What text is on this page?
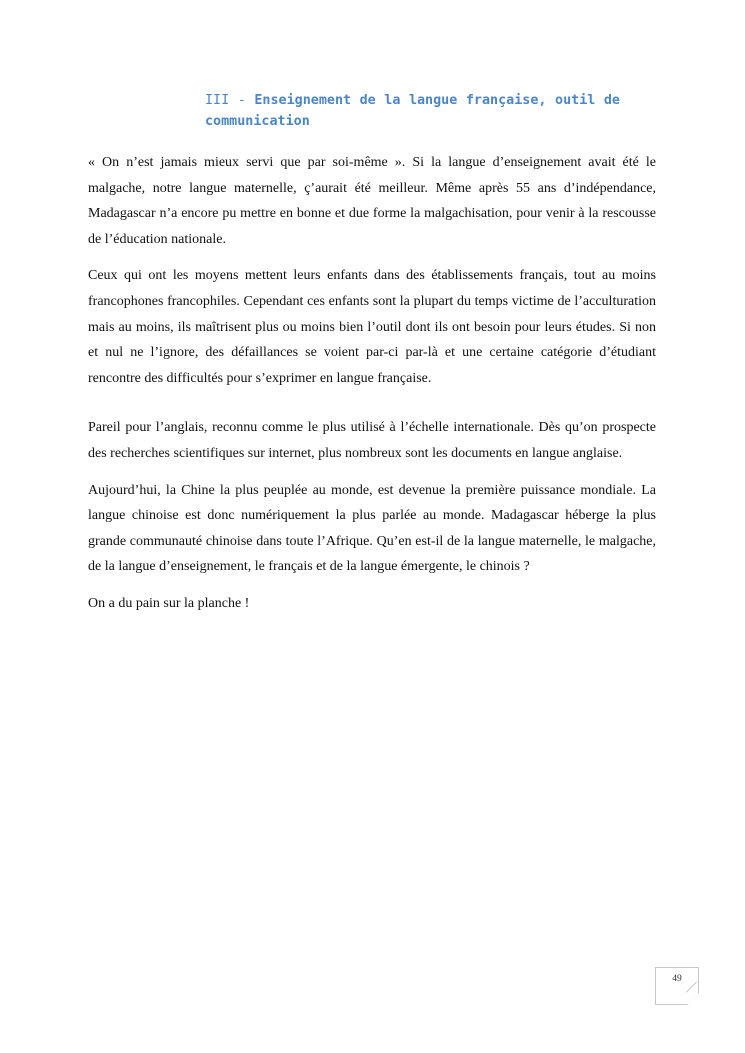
III - Enseignement de la langue française, outil de communication

« On n’est jamais mieux servi que par soi-même ». Si la langue d’enseignement avait été le malgache, notre langue maternelle, ç’aurait été meilleur. Même après 55 ans d’indépendance, Madagascar n’a encore pu mettre en bonne et due forme la malgachisation, pour venir à la rescousse de l’éducation nationale.

Ceux qui ont les moyens mettent leurs enfants dans des établissements français, tout au moins francophones francophiles. Cependant ces enfants sont la plupart du temps victime de l’acculturation mais au moins, ils maîtrisent plus ou moins bien l’outil dont ils ont besoin pour leurs études. Si non et nul ne l’ignore, des défaillances se voient par-ci par-là et une certaine catégorie d’étudiant rencontre des difficultés pour s’exprimer en langue française.

Pareil pour l’anglais, reconnu comme le plus utilisé à l’échelle internationale. Dès qu’on prospecte des recherches scientifiques sur internet, plus nombreux sont les documents en langue anglaise.

Aujourd’hui, la Chine la plus peuplée au monde, est devenue la première puissance mondiale. La langue chinoise est donc numériquement la plus parlée au monde. Madagascar héberge la plus grande communauté chinoise dans toute l’Afrique. Qu’en est-il de la langue maternelle, le malgache, de la langue d’enseignement, le français et de la langue émergente, le chinois ?

On a du pain sur la planche !

49
